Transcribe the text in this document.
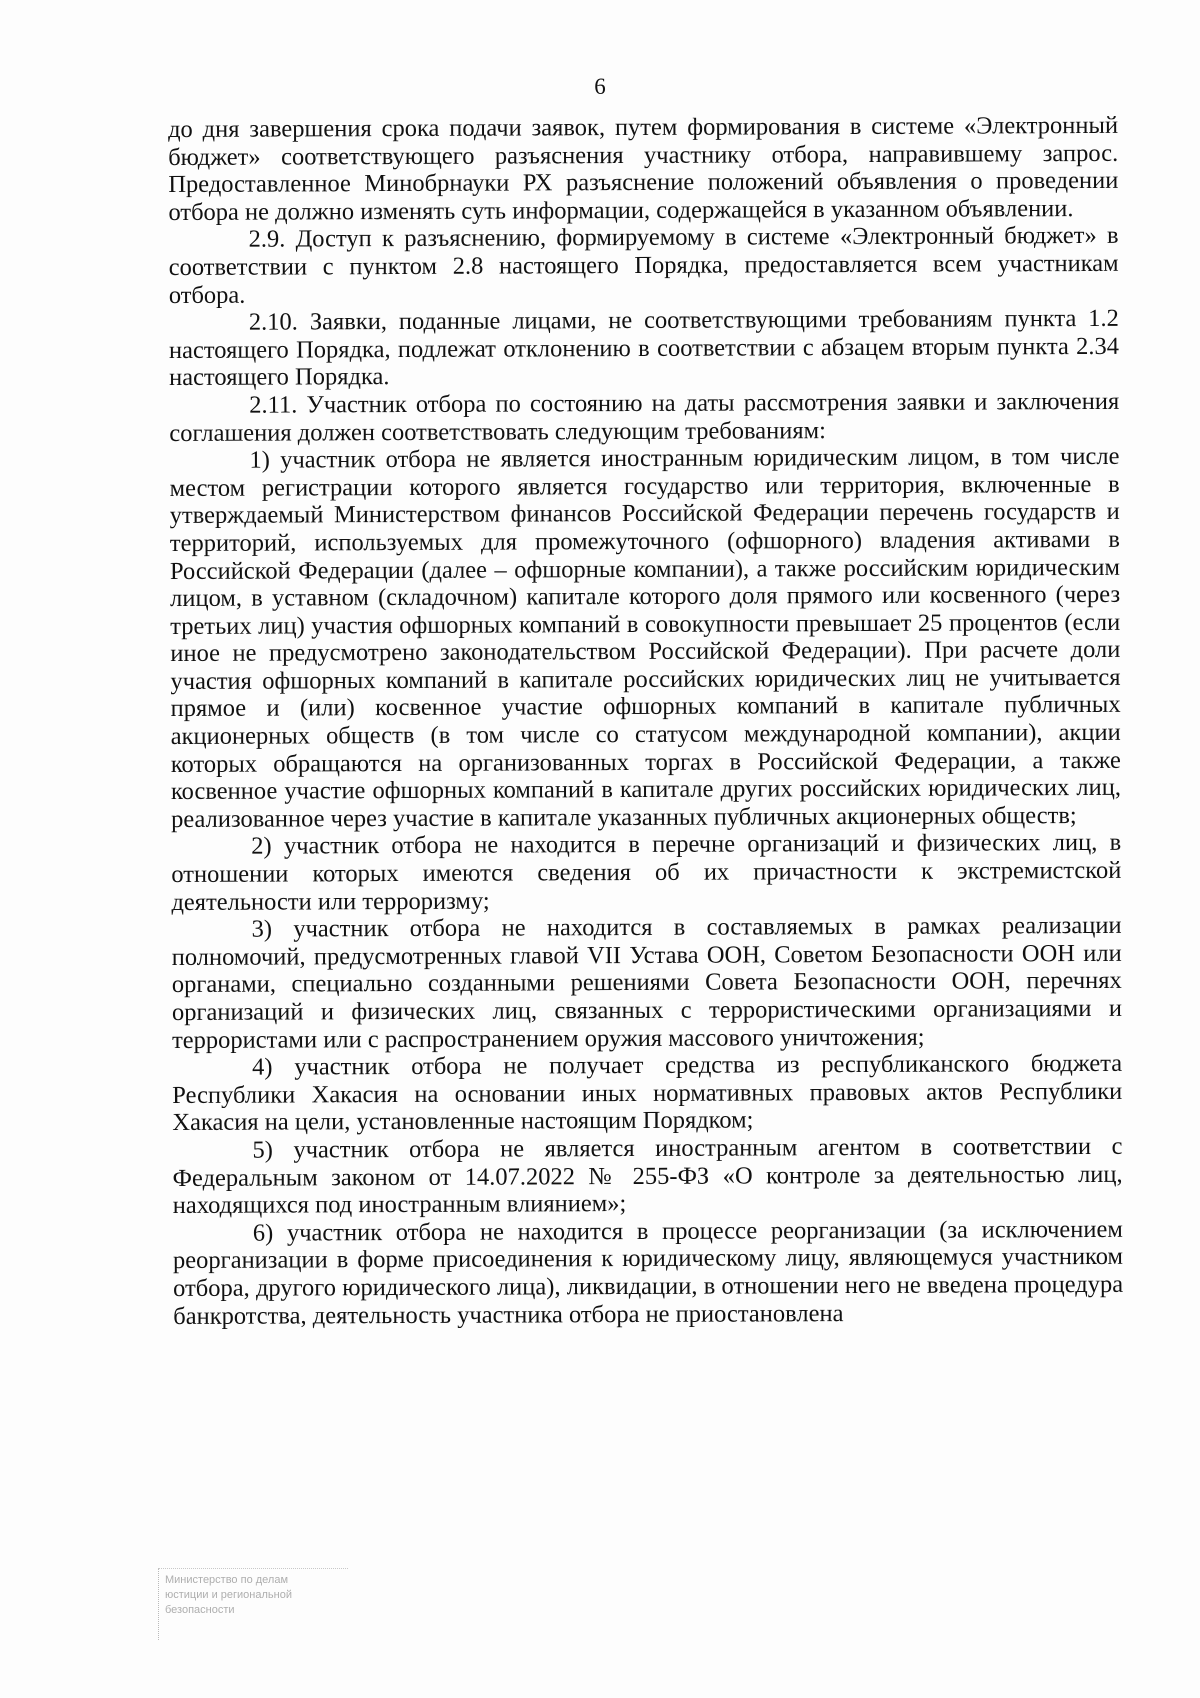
6

до дня завершения срока подачи заявок, путем формирования в системе «Электронный бюджет» соответствующего разъяснения участнику отбора, направившему запрос. Предоставленное Минобрнауки РХ разъяснение положений объявления о проведении отбора не должно изменять суть информации, содержащейся в указанном объявлении.

2.9. Доступ к разъяснению, формируемому в системе «Электронный бюджет» в соответствии с пунктом 2.8 настоящего Порядка, предоставляется всем участникам отбора.

2.10. Заявки, поданные лицами, не соответствующими требованиям пункта 1.2 настоящего Порядка, подлежат отклонению в соответствии с абзацем вторым пункта 2.34 настоящего Порядка.

2.11. Участник отбора по состоянию на даты рассмотрения заявки и заключения соглашения должен соответствовать следующим требованиям:

1) участник отбора не является иностранным юридическим лицом, в том числе местом регистрации которого является государство или территория, включенные в утверждаемый Министерством финансов Российской Федерации перечень государств и территорий, используемых для промежуточного (офшорного) владения активами в Российской Федерации (далее – офшорные компании), а также российским юридическим лицом, в уставном (складочном) капитале которого доля прямого или косвенного (через третьих лиц) участия офшорных компаний в совокупности превышает 25 процентов (если иное не предусмотрено законодательством Российской Федерации). При расчете доли участия офшорных компаний в капитале российских юридических лиц не учитывается прямое и (или) косвенное участие офшорных компаний в капитале публичных акционерных обществ (в том числе со статусом международной компании), акции которых обращаются на организованных торгах в Российской Федерации, а также косвенное участие офшорных компаний в капитале других российских юридических лиц, реализованное через участие в капитале указанных публичных акционерных обществ;

2) участник отбора не находится в перечне организаций и физических лиц, в отношении которых имеются сведения об их причастности к экстремистской деятельности или терроризму;

3) участник отбора не находится в составляемых в рамках реализации полномочий, предусмотренных главой VII Устава ООН, Советом Безопасности ООН или органами, специально созданными решениями Совета Безопасности ООН, перечнях организаций и физических лиц, связанных с террористическими организациями и террористами или с распространением оружия массового уничтожения;

4) участник отбора не получает средства из республиканского бюджета Республики Хакасия на основании иных нормативных правовых актов Республики Хакасия на цели, установленные настоящим Порядком;

5) участник отбора не является иностранным агентом в соответствии с Федеральным законом от 14.07.2022 № 255-ФЗ «О контроле за деятельностью лиц, находящихся под иностранным влиянием»;

6) участник отбора не находится в процессе реорганизации (за исключением реорганизации в форме присоединения к юридическому лицу, являющемуся участником отбора, другого юридического лица), ликвидации, в отношении него не введена процедура банкротства, деятельность участника отбора не приостановлена

Министерство по делам
юстиции и региональной
безопасности
